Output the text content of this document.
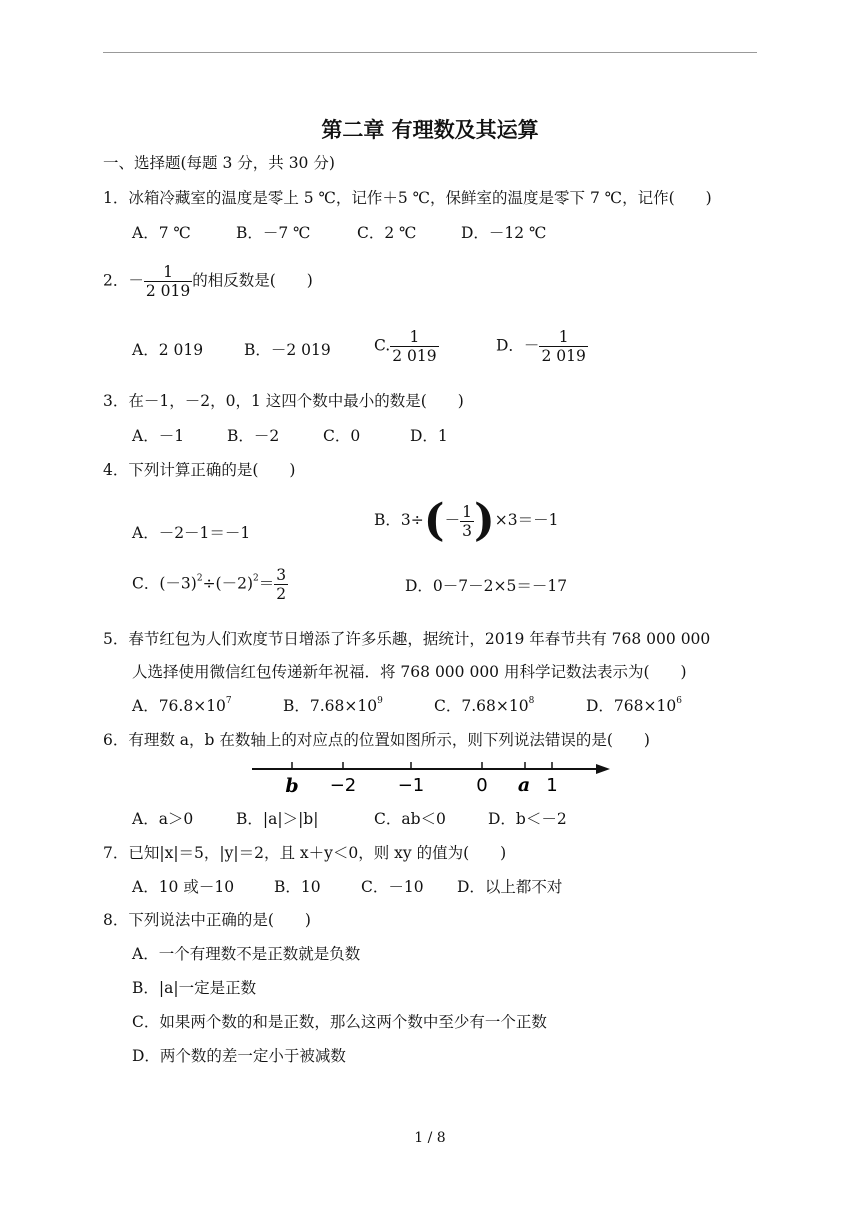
第二章 有理数及其运算
一、选择题(每题 3 分，共 30 分)
1．冰箱冷藏室的温度是零上 5 ℃，记作＋5 ℃，保鲜室的温度是零下 7 ℃，记作(　　)
A．7 ℃	B．－7 ℃	C．2 ℃	D．－12 ℃
2．－ $\frac{1}{2 019}$ 的相反数是(　　)
A．2 019	B．－2 019	C. $\frac{1}{2 019}$	D．－ $\frac{1}{2 019}$
3．在－1，－2，0，1 这四个数中最小的数是(　　)
A．－1	B．－2	C．0	D．1
4．下列计算正确的是(　　)
A．－2－1＝－1
B．$3\div(- \frac{1}{3} )\times 3=-1$
C．$(-3)^2\div(-2)^2= \frac{3}{2}$	D．0－7－2×5＝－17
5．春节红包为人们欢度节日增添了许多乐趣，据统计，2019 年春节共有 768 000 000
人选择使用微信红包传递新年祝福．将 768 000 000 用科学记数法表示为(　　)
A．$76.8\times 10^7$	B．$7.68\times 10^9$	C．$7.68\times 10^8$	D．$768\times 10^6$
6．有理数 a，b 在数轴上的对应点的位置如图所示，则下列说法错误的是(　　)
b −2 −1	0 a 1
A．a＞0	B．|a|＞|b|	C．ab＜0	D．b＜－2
7．已知|x|＝5，|y|＝2，且 x＋y＜0，则 xy 的值为(　　)
A．10 或－10	B．10	C．－10 D．以上都不对
8．下列说法中正确的是(　　)
A．一个有理数不是正数就是负数
B．|a|一定是正数
C．如果两个数的和是正数，那么这两个数中至少有一个正数
D．两个数的差一定小于被减数
1 / 8
